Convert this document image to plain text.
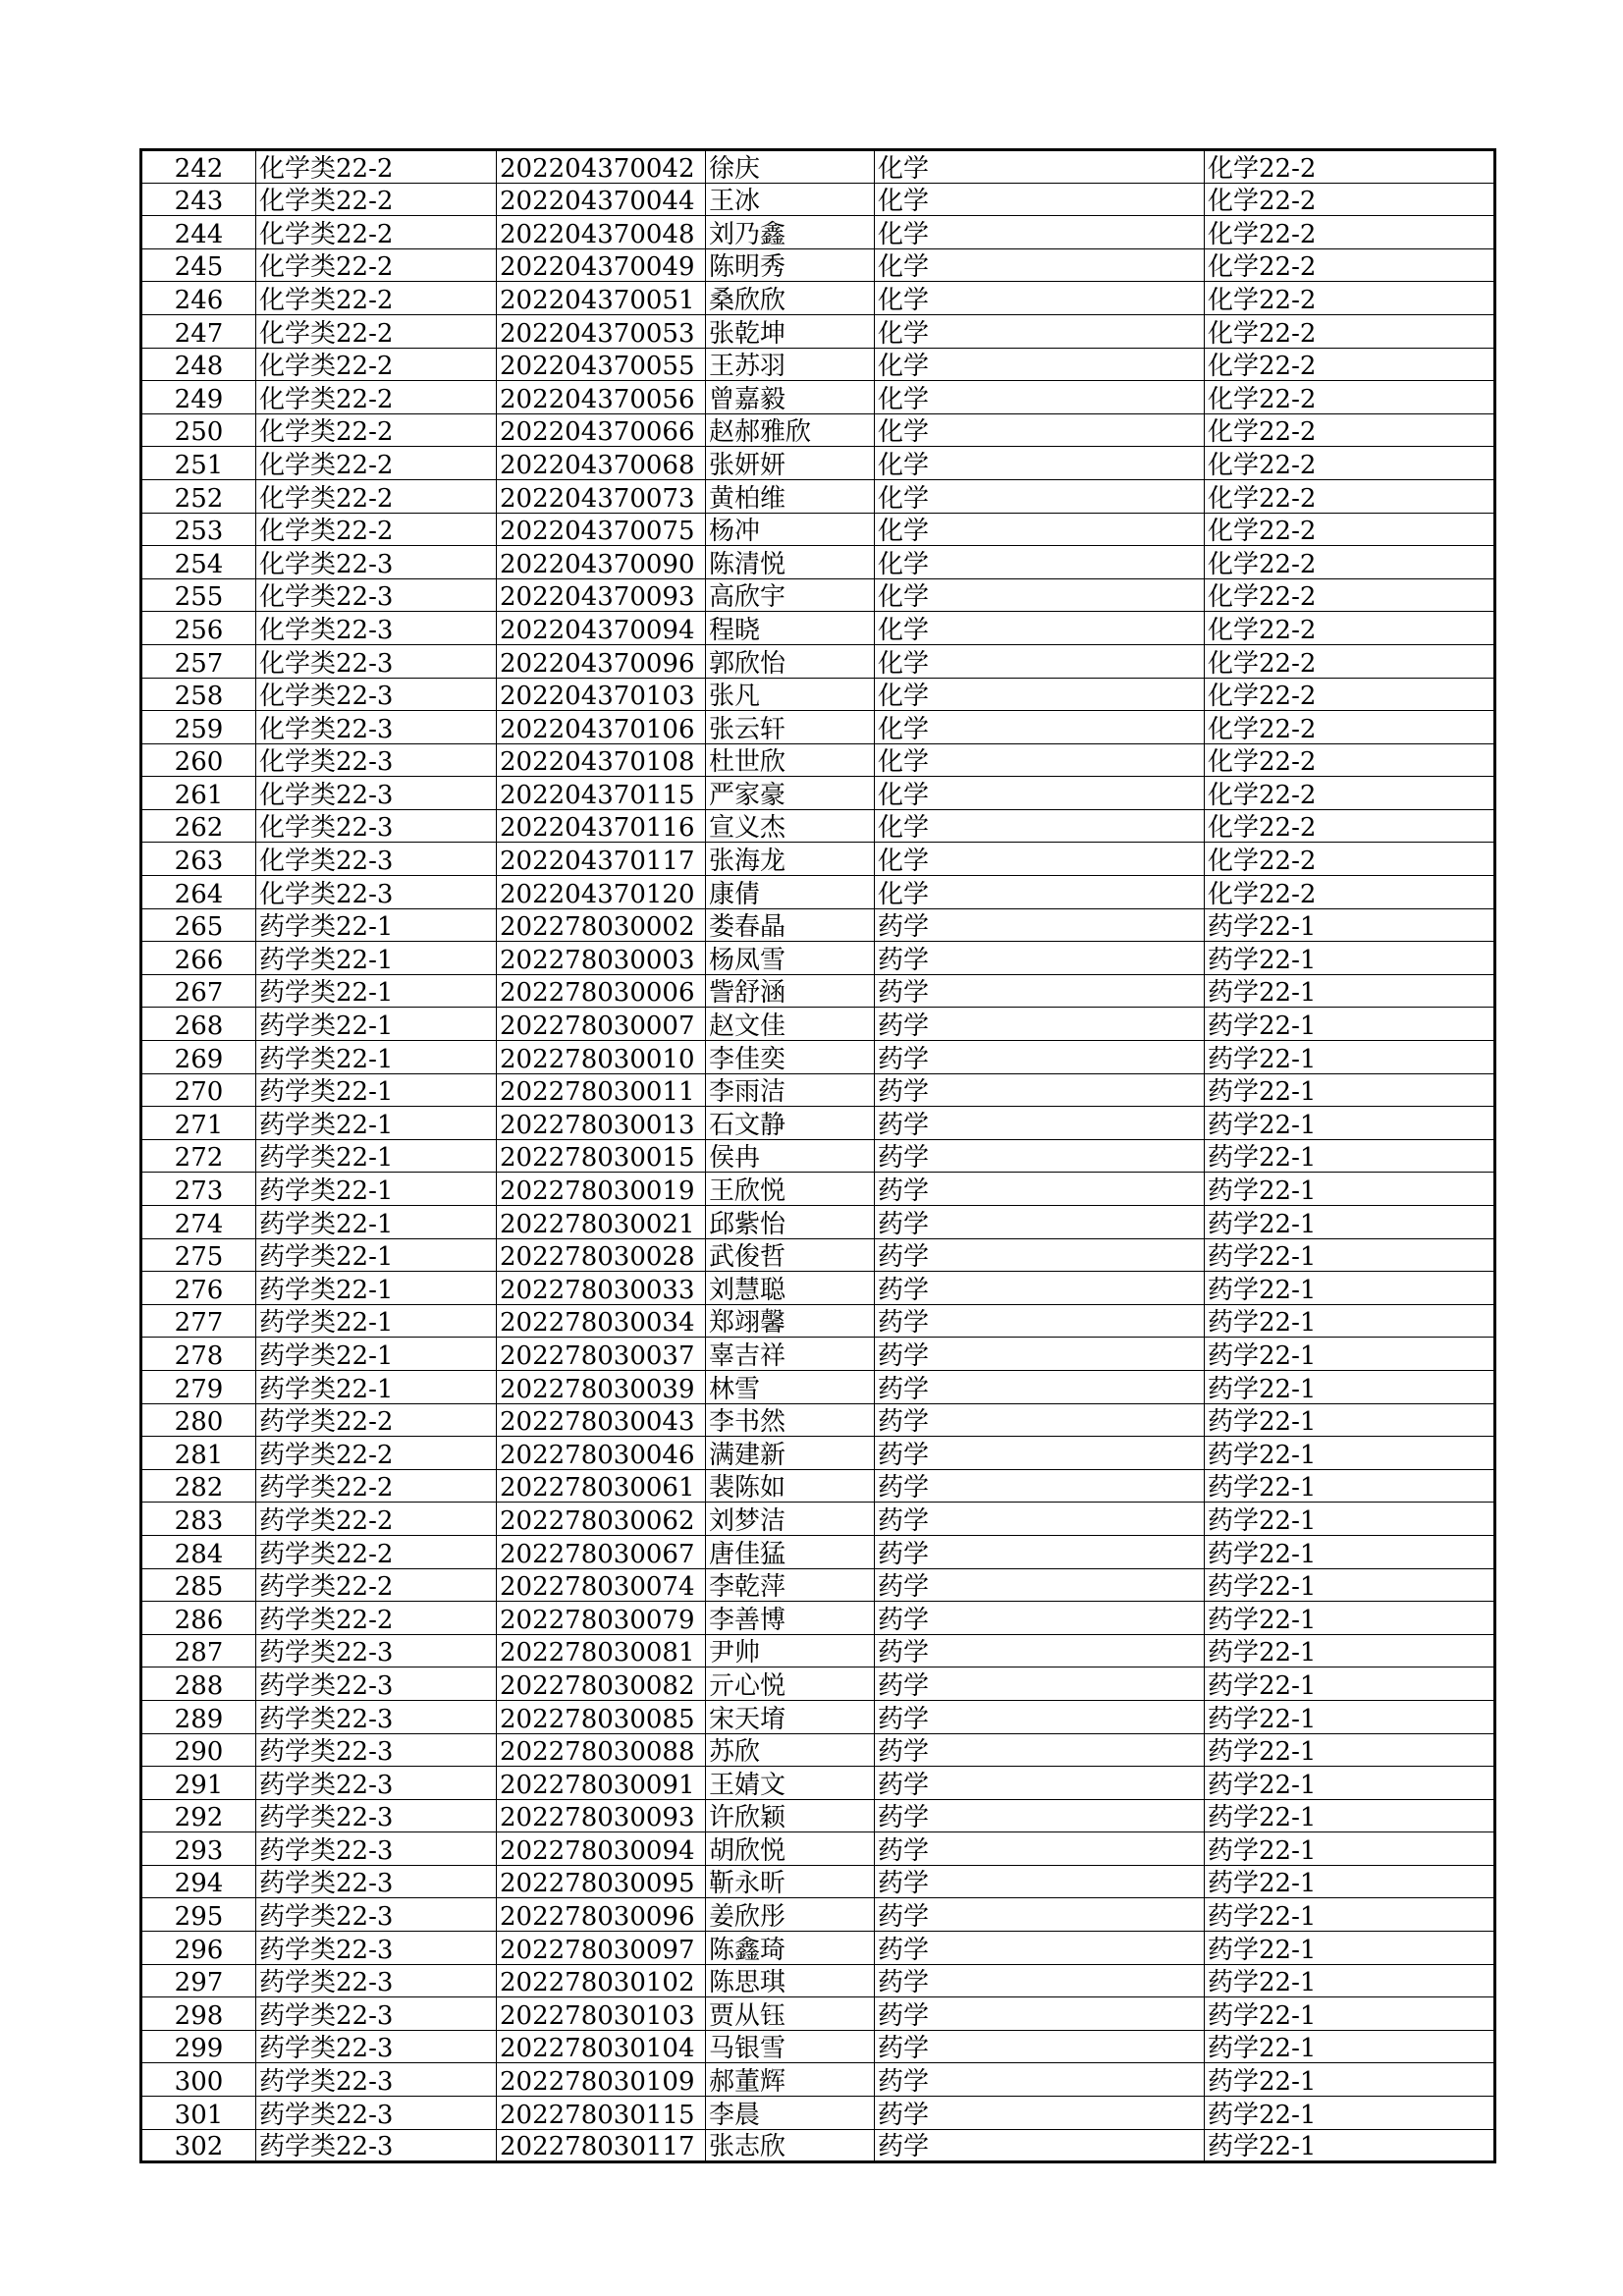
242	化学类22-2	202204370042	徐庆	化学	化学22-2
243	化学类22-2	202204370044	王冰	化学	化学22-2
244	化学类22-2	202204370048	刘乃鑫	化学	化学22-2
245	化学类22-2	202204370049	陈明秀	化学	化学22-2
246	化学类22-2	202204370051	桑欣欣	化学	化学22-2
247	化学类22-2	202204370053	张乾坤	化学	化学22-2
248	化学类22-2	202204370055	王苏羽	化学	化学22-2
249	化学类22-2	202204370056	曾嘉毅	化学	化学22-2
250	化学类22-2	202204370066	赵郝雅欣	化学	化学22-2
251	化学类22-2	202204370068	张妍妍	化学	化学22-2
252	化学类22-2	202204370073	黄柏维	化学	化学22-2
253	化学类22-2	202204370075	杨冲	化学	化学22-2
254	化学类22-3	202204370090	陈清悦	化学	化学22-2
255	化学类22-3	202204370093	高欣宇	化学	化学22-2
256	化学类22-3	202204370094	程晓	化学	化学22-2
257	化学类22-3	202204370096	郭欣怡	化学	化学22-2
258	化学类22-3	202204370103	张凡	化学	化学22-2
259	化学类22-3	202204370106	张云轩	化学	化学22-2
260	化学类22-3	202204370108	杜世欣	化学	化学22-2
261	化学类22-3	202204370115	严家豪	化学	化学22-2
262	化学类22-3	202204370116	宣义杰	化学	化学22-2
263	化学类22-3	202204370117	张海龙	化学	化学22-2
264	化学类22-3	202204370120	康倩	化学	化学22-2
265	药学类22-1	202278030002	娄春晶	药学	药学22-1
266	药学类22-1	202278030003	杨凤雪	药学	药学22-1
267	药学类22-1	202278030006	訾舒涵	药学	药学22-1
268	药学类22-1	202278030007	赵文佳	药学	药学22-1
269	药学类22-1	202278030010	李佳奕	药学	药学22-1
270	药学类22-1	202278030011	李雨洁	药学	药学22-1
271	药学类22-1	202278030013	石文静	药学	药学22-1
272	药学类22-1	202278030015	侯冉	药学	药学22-1
273	药学类22-1	202278030019	王欣悦	药学	药学22-1
274	药学类22-1	202278030021	邱紫怡	药学	药学22-1
275	药学类22-1	202278030028	武俊哲	药学	药学22-1
276	药学类22-1	202278030033	刘慧聪	药学	药学22-1
277	药学类22-1	202278030034	郑翊馨	药学	药学22-1
278	药学类22-1	202278030037	辜吉祥	药学	药学22-1
279	药学类22-1	202278030039	林雪	药学	药学22-1
280	药学类22-2	202278030043	李书然	药学	药学22-1
281	药学类22-2	202278030046	满建新	药学	药学22-1
282	药学类22-2	202278030061	裴陈如	药学	药学22-1
283	药学类22-2	202278030062	刘梦洁	药学	药学22-1
284	药学类22-2	202278030067	唐佳猛	药学	药学22-1
285	药学类22-2	202278030074	李乾萍	药学	药学22-1
286	药学类22-2	202278030079	李善博	药学	药学22-1
287	药学类22-3	202278030081	尹帅	药学	药学22-1
288	药学类22-3	202278030082	亓心悦	药学	药学22-1
289	药学类22-3	202278030085	宋天堉	药学	药学22-1
290	药学类22-3	202278030088	苏欣	药学	药学22-1
291	药学类22-3	202278030091	王婧文	药学	药学22-1
292	药学类22-3	202278030093	许欣颖	药学	药学22-1
293	药学类22-3	202278030094	胡欣悦	药学	药学22-1
294	药学类22-3	202278030095	靳永昕	药学	药学22-1
295	药学类22-3	202278030096	姜欣彤	药学	药学22-1
296	药学类22-3	202278030097	陈鑫琦	药学	药学22-1
297	药学类22-3	202278030102	陈思琪	药学	药学22-1
298	药学类22-3	202278030103	贾从钰	药学	药学22-1
299	药学类22-3	202278030104	马银雪	药学	药学22-1
300	药学类22-3	202278030109	郝董辉	药学	药学22-1
301	药学类22-3	202278030115	李晨	药学	药学22-1
302	药学类22-3	202278030117	张志欣	药学	药学22-1
